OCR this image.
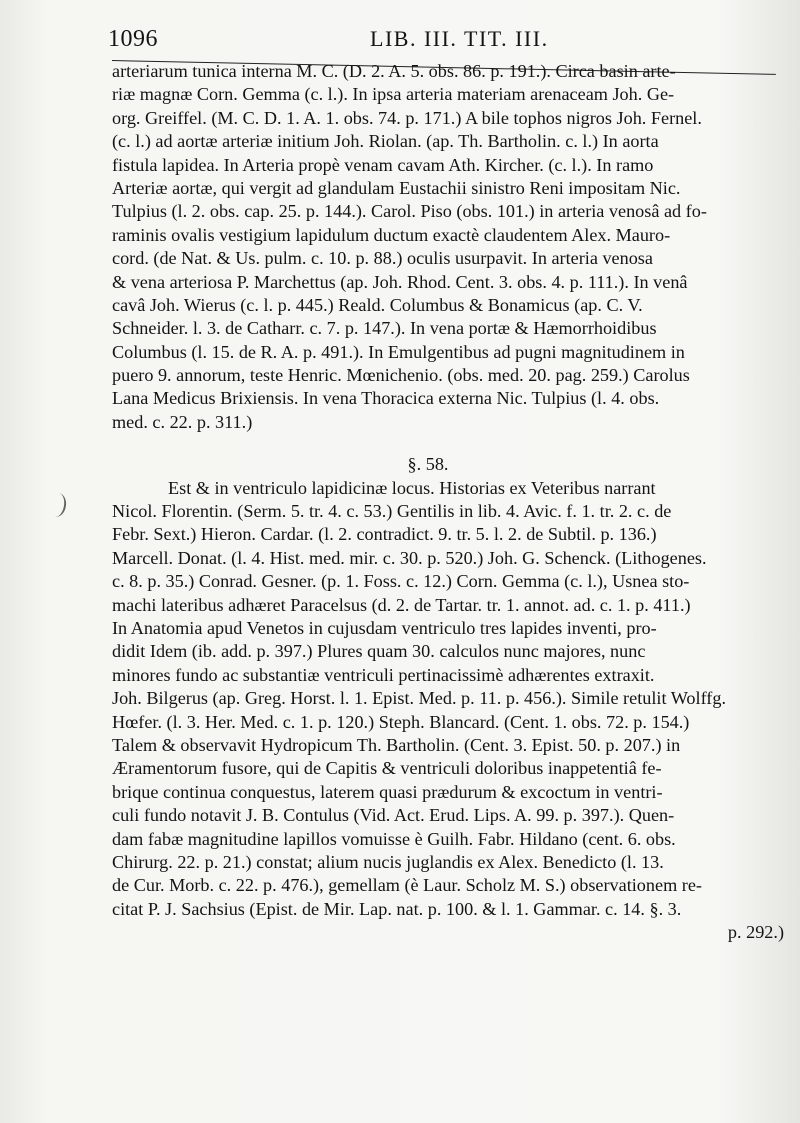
1096	LIB. III. TIT. III.
arteriarum tunica interna M. C. (D. 2. A. 5. obs. 86. p. 191.). Circa basin arte-
riæ magnæ Corn. Gemma (c. l.). In ipsa arteria materiam arenaceam Joh. Ge-
org. Greiffel. (M. C. D. 1. A. 1. obs. 74. p. 171.) A bile tophos nigros Joh. Fernel.
(c. l.) ad aortæ arteriæ initium Joh. Riolan. (ap. Th. Bartholin. c. l.) In aorta
fistula lapidea. In Arteria propè venam cavam Ath. Kircher. (c. l.). In ramo
Arteriæ aortæ, qui vergit ad glandulam Eustachii sinistro Reni impositam Nic.
Tulpius (l. 2. obs. cap. 25. p. 144.). Carol. Piso (obs. 101.) in arteria venosâ ad fo-
raminis ovalis vestigium lapidulum ductum exactè claudentem Alex. Mauro-
cord. (de Nat. & Us. pulm. c. 10. p. 88.) oculis usurpavit. In arteria venosa
& vena arteriosa P. Marchettus (ap. Joh. Rhod. Cent. 3. obs. 4. p. 111.). In venâ
cavâ Joh. Wierus (c. l. p. 445.) Reald. Columbus & Bonamicus (ap. C. V.
Schneider. l. 3. de Catharr. c. 7. p. 147.). In vena portæ & Hæmorrhoidibus
Columbus (l. 15. de R. A. p. 491.). In Emulgentibus ad pugni magnitudinem in
puero 9. annorum, teste Henric. Mœnichenio. (obs. med. 20. pag. 259.) Carolus
Lana Medicus Brixiensis. In vena Thoracica externa Nic. Tulpius (l. 4. obs.
med. c. 22. p. 311.)
§. 58.
Est & in ventriculo lapidicinæ locus. Historias ex Veteribus narrant
Nicol. Florentin. (Serm. 5. tr. 4. c. 53.) Gentilis in lib. 4. Avic. f. 1. tr. 2. c. de
Febr. Sext.) Hieron. Cardar. (l. 2. contradict. 9. tr. 5. l. 2. de Subtil. p. 136.)
Marcell. Donat. (l. 4. Hist. med. mir. c. 30. p. 520.) Joh. G. Schenck. (Lithogenes.
c. 8. p. 35.) Conrad. Gesner. (p. 1. Foss. c. 12.) Corn. Gemma (c. l.), Usnea sto-
machi lateribus adhæret Paracelsus (d. 2. de Tartar. tr. 1. annot. ad. c. 1. p. 411.)
In Anatomia apud Venetos in cujusdam ventriculo tres lapides inventi, pro-
didit Idem (ib. add. p. 397.) Plures quam 30. calculos nunc majores, nunc
minores fundo ac substantiæ ventriculi pertinacissimè adhærentes extraxit.
Joh. Bilgerus (ap. Greg. Horst. l. 1. Epist. Med. p. 11. p. 456.). Simile retulit Wolffg.
Hœfer. (l. 3. Her. Med. c. 1. p. 120.) Steph. Blancard. (Cent. 1. obs. 72. p. 154.)
Talem & observavit Hydropicum Th. Bartholin. (Cent. 3. Epist. 50. p. 207.) in
Æramentorum fusore, qui de Capitis & ventriculi doloribus inappetentiâ fe-
brique continua conquestus, laterem quasi prædurum & excoctum in ventri-
culi fundo notavit J. B. Contulus (Vid. Act. Erud. Lips. A. 99. p. 397.). Quen-
dam fabæ magnitudine lapillos vomuisse è Guilh. Fabr. Hildano (cent. 6. obs.
Chirurg. 22. p. 21.) constat; alium nucis juglandis ex Alex. Benedicto (l. 13.
de Cur. Morb. c. 22. p. 476.), gemellam (è Laur. Scholz M. S.) observationem re-
citat P. J. Sachsius (Epist. de Mir. Lap. nat. p. 100. & l. 1. Gammar. c. 14. §. 3.
p. 292.)
